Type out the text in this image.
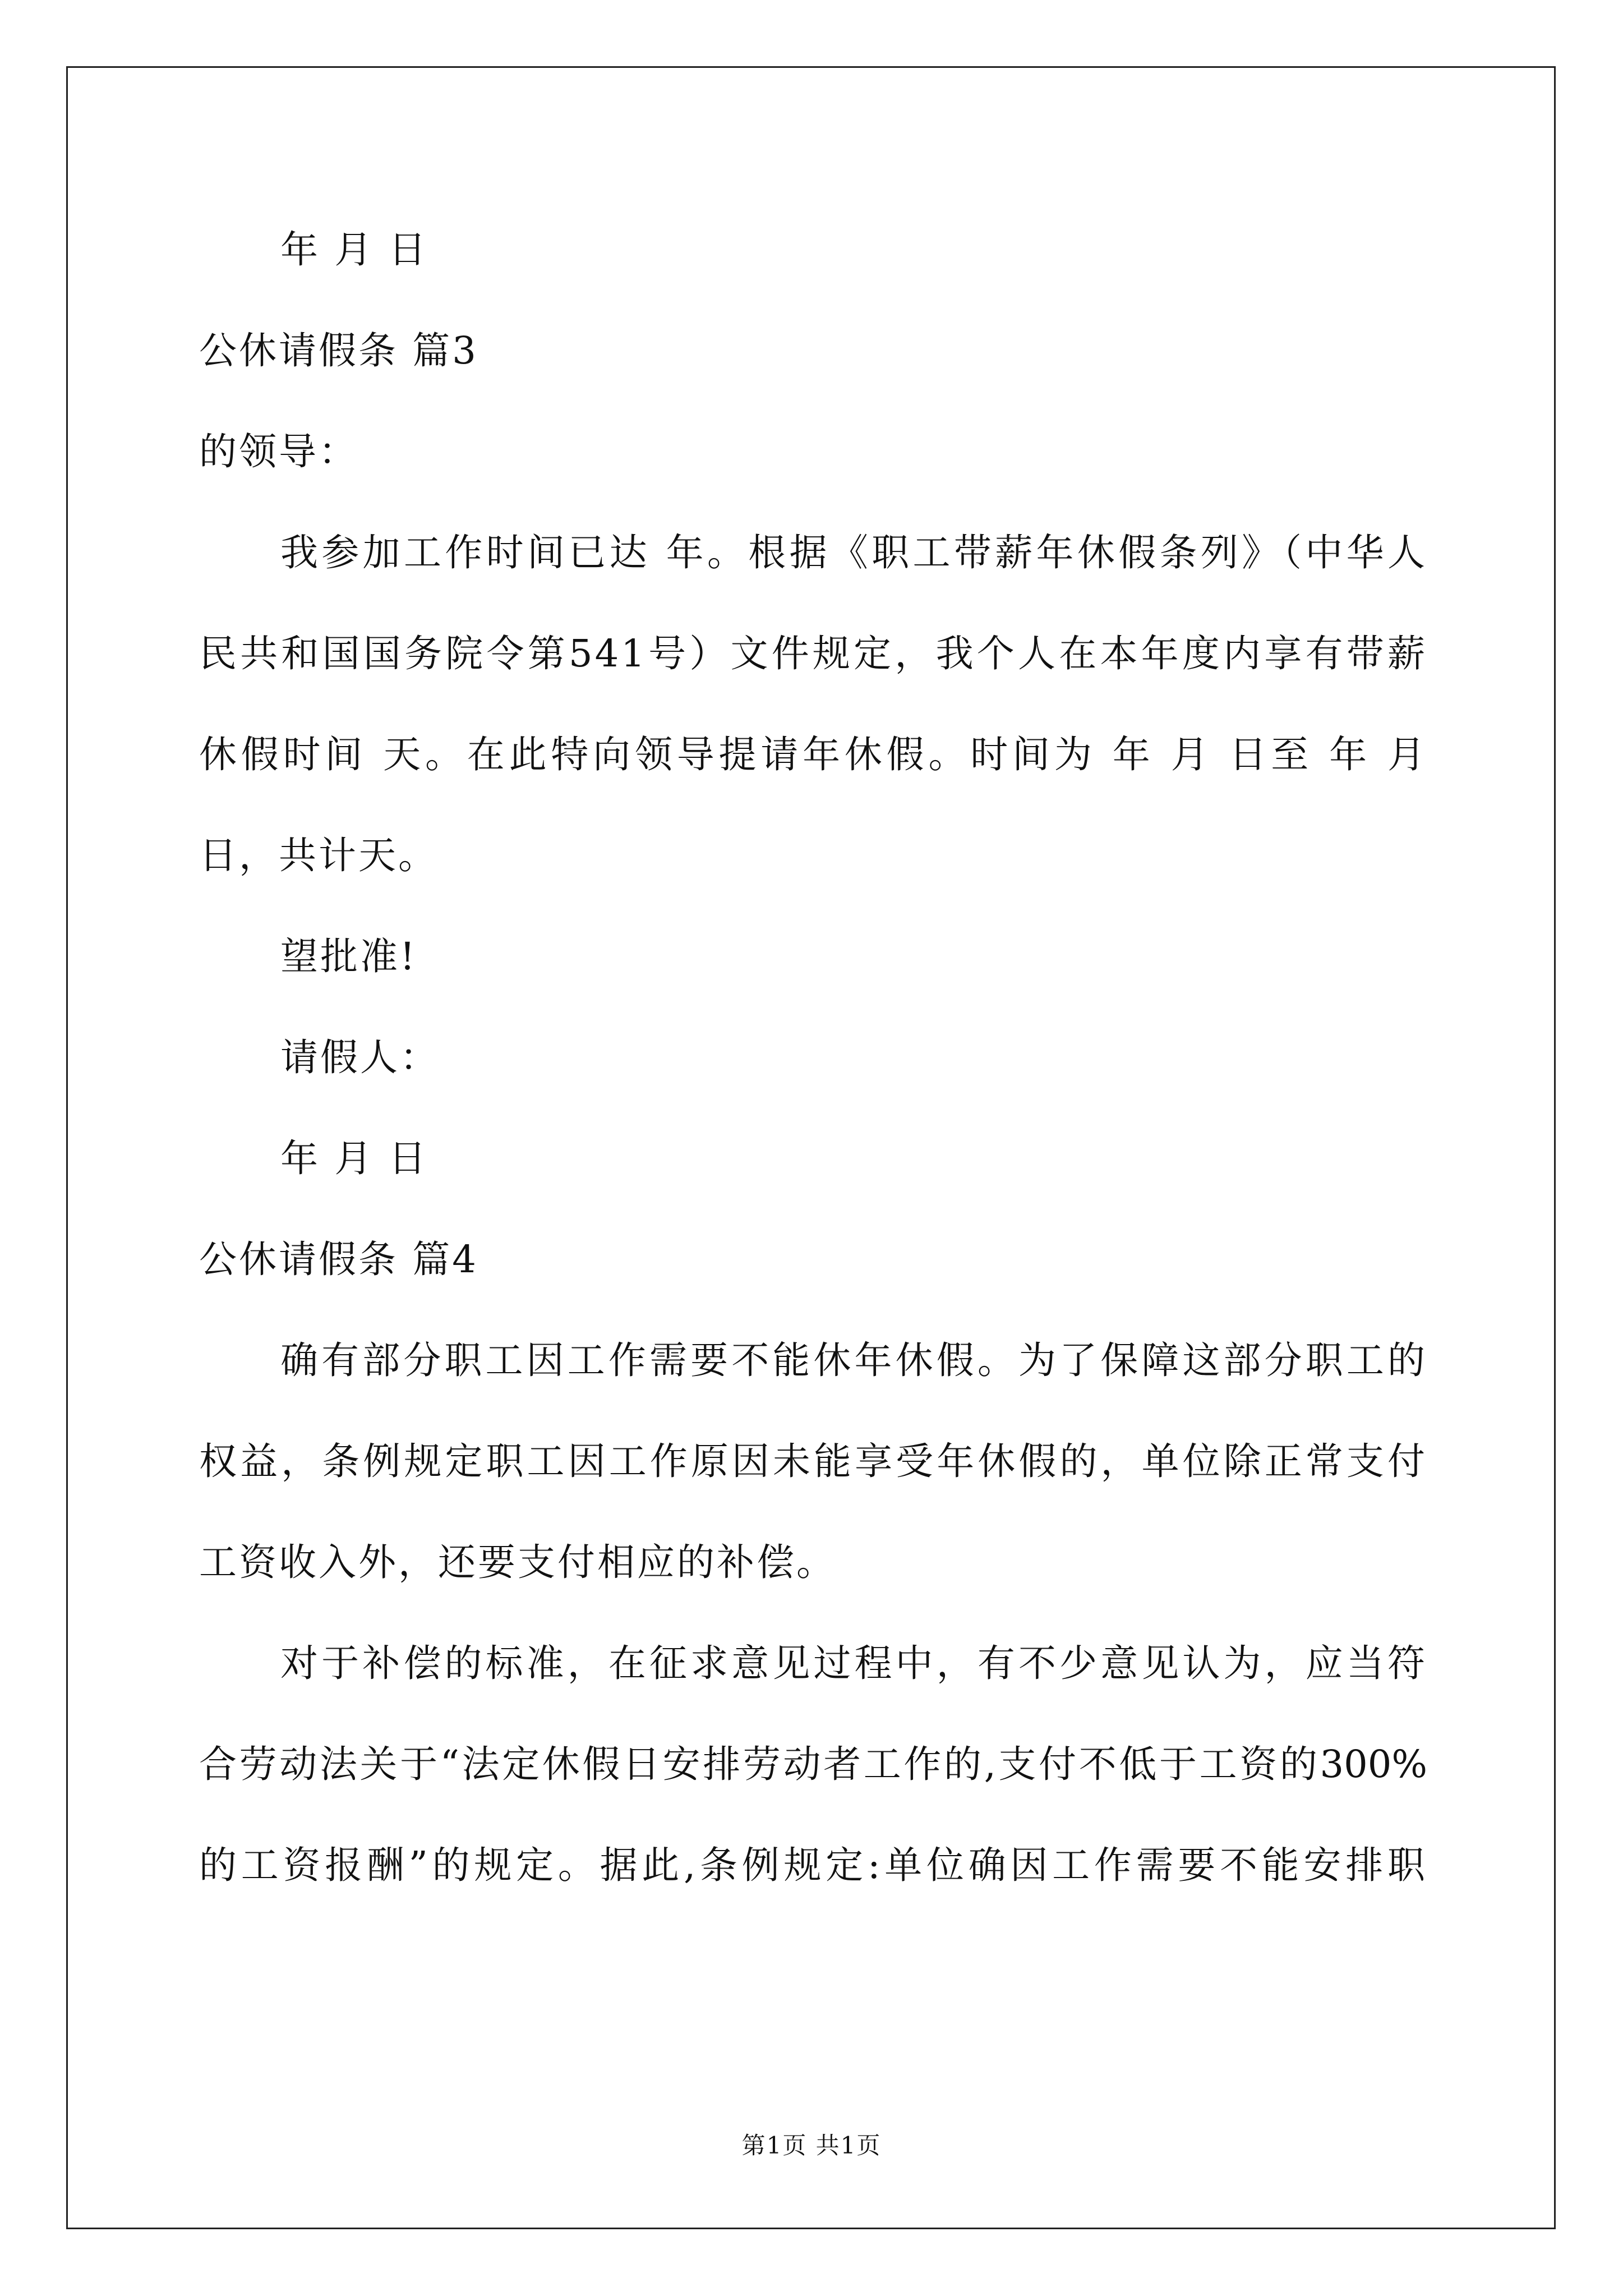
年 月 日
公休请假条 篇3
的领导：
我参加工作时间已达 年。根据《职工带薪年休假条列》（中华人
民共和国国务院令第541号）文件规定，我个人在本年度内享有带薪
休假时间 天。在此特向领导提请年休假。时间为 年 月 日至 年 月
日，共计天。
望批准!
请假人：
年 月 日
公休请假条 篇4
确有部分职工因工作需要不能休年休假。为了保障这部分职工的
权益，条例规定职工因工作原因未能享受年休假的，单位除正常支付
工资收入外，还要支付相应的补偿。
对于补偿的标准，在征求意见过程中，有不少意见认为，应当符
合劳动法关于“法定休假日安排劳动者工作的,支付不低于工资的300%
的工资报酬”的规定。据此,条例规定:单位确因工作需要不能安排职
第1页 共1页
